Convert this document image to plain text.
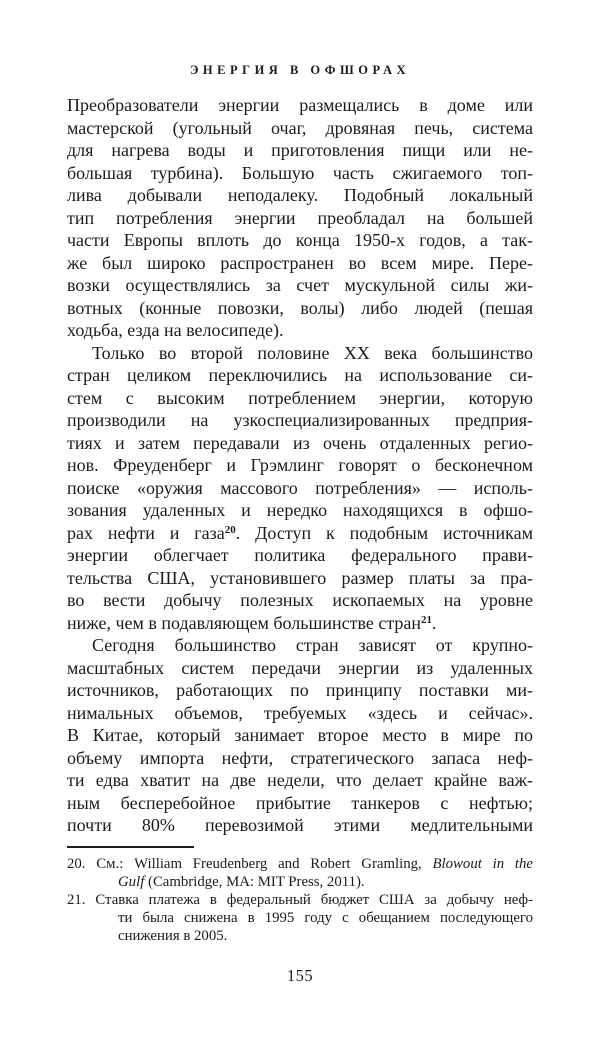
ЭНЕРГИЯ В ОФШОРАХ
Преобразователи энергии размещались в доме или
мастерской (угольный очаг, дровяная печь, система
для нагрева воды и приготовления пищи или не-
большая турбина). Большую часть сжигаемого топ-
лива добывали неподалеку. Подобный локальный
тип потребления энергии преобладал на большей
части Европы вплоть до конца 1950-х годов, а так-
же был широко распространен во всем мире. Пере-
возки осуществлялись за счет мускульной силы жи-
вотных (конные повозки, волы) либо людей (пешая
ходьба, езда на велосипеде).
Только во второй половине XX века большинство
стран целиком переключились на использование си-
стем с высоким потреблением энергии, которую
производили на узкоспециализированных предприя-
тиях и затем передавали из очень отдаленных регио-
нов. Фреуденберг и Грэмлинг говорят о бесконечном
поиске «оружия массового потребления» — исполь-
зования удаленных и нередко находящихся в офшо-
рах нефти и газа$^{20}$. Доступ к подобным источникам
энергии облегчает политика федерального прави-
тельства США, установившего размер платы за пра-
во вести добычу полезных ископаемых на уровне
ниже, чем в подавляющем большинстве стран$^{21}$.
Сегодня большинство стран зависят от крупно-
масштабных систем передачи энергии из удаленных
источников, работающих по принципу поставки ми-
нимальных объемов, требуемых «здесь и сейчас».
В Китае, который занимает второе место в мире по
объему импорта нефти, стратегического запаса неф-
ти едва хватит на две недели, что делает крайне важ-
ным бесперебойное прибытие танкеров с нефтью;
почти 80% перевозимой этими медлительными
20. См.: William Freudenberg and Robert Gramling, Blowout in the
Gulf (Cambridge, MA: MIT Press, 2011).
21. Ставка платежа в федеральный бюджет США за добычу неф-
ти была снижена в 1995 году с обещанием последующего
снижения в 2005.
155
